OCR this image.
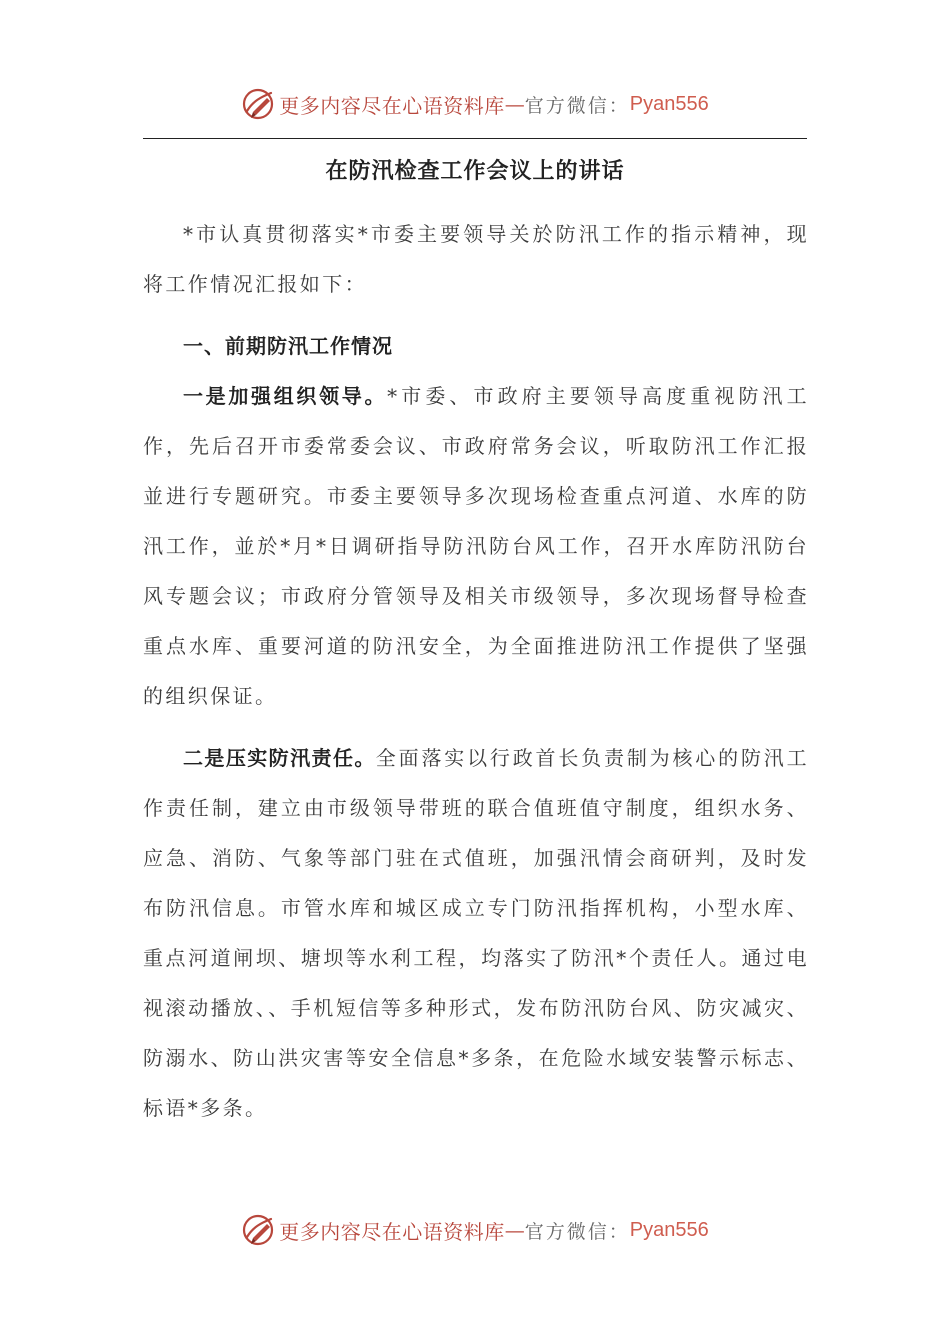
更多内容尽在心语资料库 — 官方微信： Pyan556
在防汛检查工作会议上的讲话

*市认真贯彻落实*市委主要领导关於防汛工作的指示精神，现将工作情况汇报如下：

一、前期防汛工作情况

一是加强组织领导。*市委、市政府主要领导高度重视防汛工作，先后召开市委常委会议、市政府常务会议，听取防汛工作汇报並进行专题研究。市委主要领导多次现场检查重点河道、水库的防汛工作，並於*月*日调研指导防汛防台风工作，召开水库防汛防台风专题会议；市政府分管领导及相关市级领导，多次现场督导检查重点水库、重要河道的防汛安全，为全面推进防汛工作提供了坚强的组织保证。

二是压实防汛责任。全面落实以行政首长负责制为核心的防汛工作责任制，建立由市级领导带班的联合值班值守制度，组织水务、应急、消防、气象等部门驻在式值班，加强汛情会商研判，及时发布防汛信息。市管水库和城区成立专门防汛指挥机构，小型水库、重点河道闸坝、塘坝等水利工程，均落实了防汛*个责任人。通过电视滚动播放、、手机短信等多种形式，发布防汛防台风、防灾减灾、防溺水、防山洪灾害等安全信息*多条，在危险水域安装警示标志、标语*多条。

更多内容尽在心语资料库 — 官方微信： Pyan556
